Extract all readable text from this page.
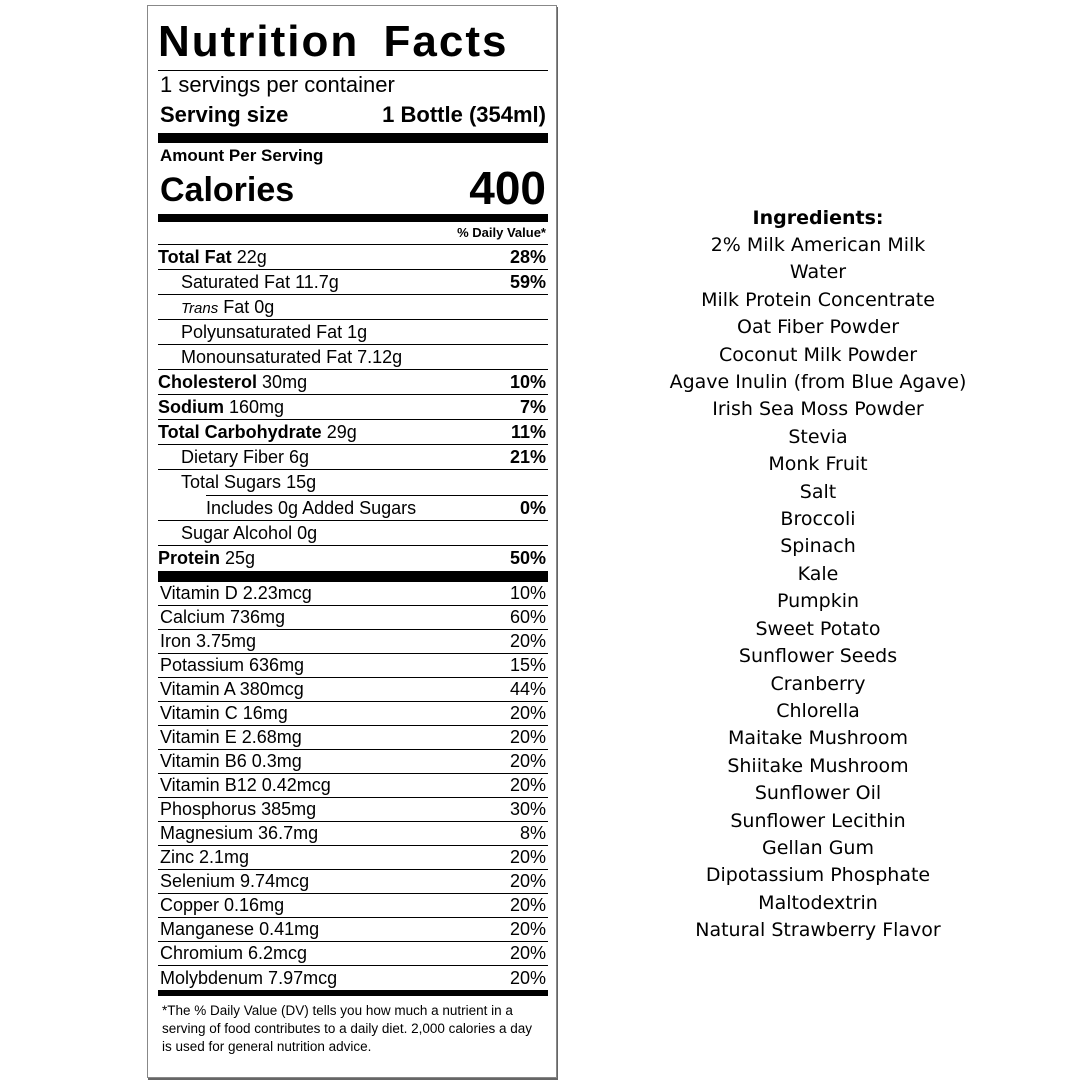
Nutrition Facts
1 servings per container
Serving size	1 Bottle (354ml)
Amount Per Serving
Calories	400
% Daily Value*
Total Fat 22g	28%
Saturated Fat 11.7g	59%
Trans Fat 0g
Polyunsaturated Fat 1g
Monounsaturated Fat 7.12g
Cholesterol 30mg	10%
Sodium 160mg	7%
Total Carbohydrate 29g	11%
Dietary Fiber 6g	21%
Total Sugars 15g
Includes 0g Added Sugars	0%
Sugar Alcohol 0g
Protein 25g	50%
Vitamin D 2.23mcg	10%
Calcium 736mg	60%
Iron 3.75mg	20%
Potassium 636mg	15%
Vitamin A 380mcg	44%
Vitamin C 16mg	20%
Vitamin E 2.68mg	20%
Vitamin B6 0.3mg	20%
Vitamin B12 0.42mcg	20%
Phosphorus 385mg	30%
Magnesium 36.7mg	8%
Zinc 2.1mg	20%
Selenium 9.74mcg	20%
Copper 0.16mg	20%
Manganese 0.41mg	20%
Chromium 6.2mcg	20%
Molybdenum 7.97mcg	20%
*The % Daily Value (DV) tells you how much a nutrient in a serving of food contributes to a daily diet. 2,000 calories a day is used for general nutrition advice.
Ingredients:
2% Milk American Milk
Water
Milk Protein Concentrate
Oat Fiber Powder
Coconut Milk Powder
Agave Inulin (from Blue Agave)
Irish Sea Moss Powder
Stevia
Monk Fruit
Salt
Broccoli
Spinach
Kale
Pumpkin
Sweet Potato
Sunflower Seeds
Cranberry
Chlorella
Maitake Mushroom
Shiitake Mushroom
Sunflower Oil
Sunflower Lecithin
Gellan Gum
Dipotassium Phosphate
Maltodextrin
Natural Strawberry Flavor
